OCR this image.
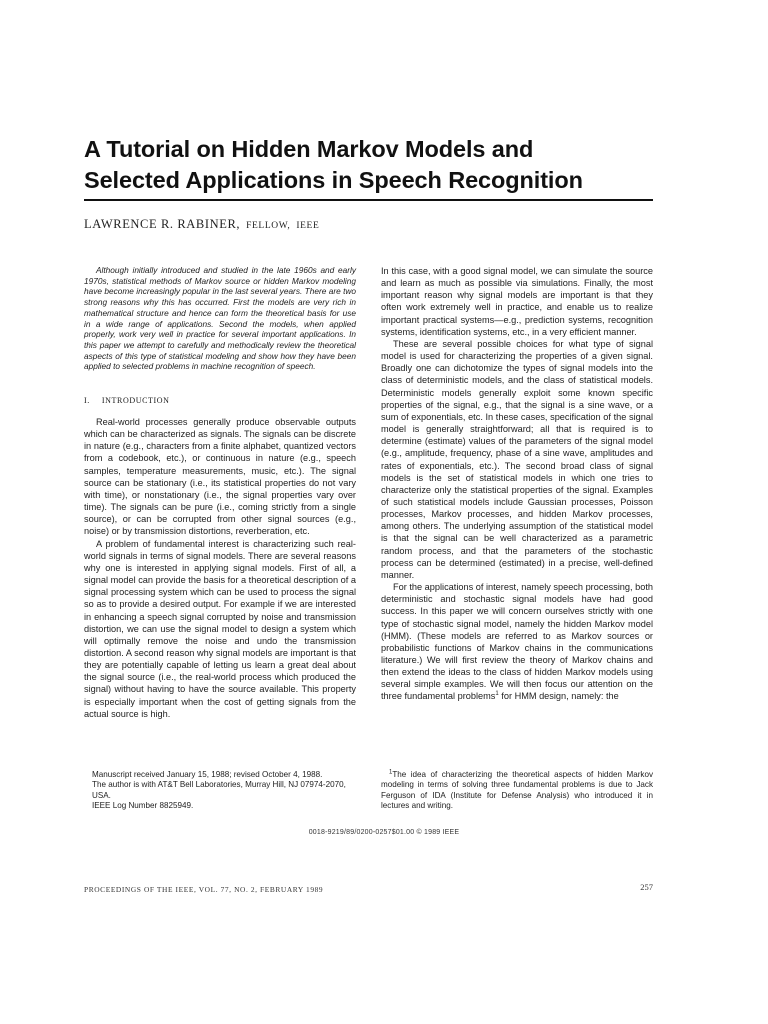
A Tutorial on Hidden Markov Models and
Selected Applications in Speech Recognition
LAWRENCE R. RABINER, FELLOW, IEEE

Although initially introduced and studied in the late 1960s and early 1970s, statistical methods of Markov source or hidden Markov modeling have become increasingly popular in the last several years. There are two strong reasons why this has occurred. First the models are very rich in mathematical structure and hence can form the theoretical basis for use in a wide range of applications. Second the models, when applied properly, work very well in practice for several important applications. In this paper we attempt to carefully and methodically review the theoretical aspects of this type of statistical modeling and show how they have been applied to selected problems in machine recognition of speech.

I. INTRODUCTION

Real-world processes generally produce observable outputs which can be characterized as signals. The signals can be discrete in nature (e.g., characters from a finite alphabet, quantized vectors from a codebook, etc.), or continuous in nature (e.g., speech samples, temperature measurements, music, etc.). The signal source can be stationary (i.e., its statistical properties do not vary with time), or nonstationary (i.e., the signal properties vary over time). The signals can be pure (i.e., coming strictly from a single source), or can be corrupted from other signal sources (e.g., noise) or by transmission distortions, reverberation, etc.

A problem of fundamental interest is characterizing such real-world signals in terms of signal models. There are several reasons why one is interested in applying signal models. First of all, a signal model can provide the basis for a theoretical description of a signal processing system which can be used to process the signal so as to provide a desired output. For example if we are interested in enhancing a speech signal corrupted by noise and transmission distortion, we can use the signal model to design a system which will optimally remove the noise and undo the transmission distortion. A second reason why signal models are important is that they are potentially capable of letting us learn a great deal about the signal source (i.e., the real-world process which produced the signal) without having to have the source available. This property is especially important when the cost of getting signals from the actual source is high.

In this case, with a good signal model, we can simulate the source and learn as much as possible via simulations. Finally, the most important reason why signal models are important is that they often work extremely well in practice, and enable us to realize important practical systems—e.g., prediction systems, recognition systems, identification systems, etc., in a very efficient manner.

These are several possible choices for what type of signal model is used for characterizing the properties of a given signal. Broadly one can dichotomize the types of signal models into the class of deterministic models, and the class of statistical models. Deterministic models generally exploit some known specific properties of the signal, e.g., that the signal is a sine wave, or a sum of exponentials, etc. In these cases, specification of the signal model is generally straightforward; all that is required is to determine (estimate) values of the parameters of the signal model (e.g., amplitude, frequency, phase of a sine wave, amplitudes and rates of exponentials, etc.). The second broad class of signal models is the set of statistical models in which one tries to characterize only the statistical properties of the signal. Examples of such statistical models include Gaussian processes, Poisson processes, Markov processes, and hidden Markov processes, among others. The underlying assumption of the statistical model is that the signal can be well characterized as a parametric random process, and that the parameters of the stochastic process can be determined (estimated) in a precise, well-defined manner.

For the applications of interest, namely speech processing, both deterministic and stochastic signal models have had good success. In this paper we will concern ourselves strictly with one type of stochastic signal model, namely the hidden Markov model (HMM). (These models are referred to as Markov sources or probabilistic functions of Markov chains in the communications literature.) We will first review the theory of Markov chains and then extend the ideas to the class of hidden Markov models using several simple examples. We will then focus our attention on the three fundamental problems$^1$ for HMM design, namely: the

Manuscript received January 15, 1988; revised October 4, 1988.

The author is with AT&T Bell Laboratories, Murray Hill, NJ 07974-2070, USA.

IEEE Log Number 8825949.

$^1$The idea of characterizing the theoretical aspects of hidden Markov modeling in terms of solving three fundamental problems is due to Jack Ferguson of IDA (Institute for Defense Analysis) who introduced it in lectures and writing.

0018-9219/89/0200-0257$01.00 © 1989 IEEE
PROCEEDINGS OF THE IEEE, VOL. 77, NO. 2, FEBRUARY 1989	257
